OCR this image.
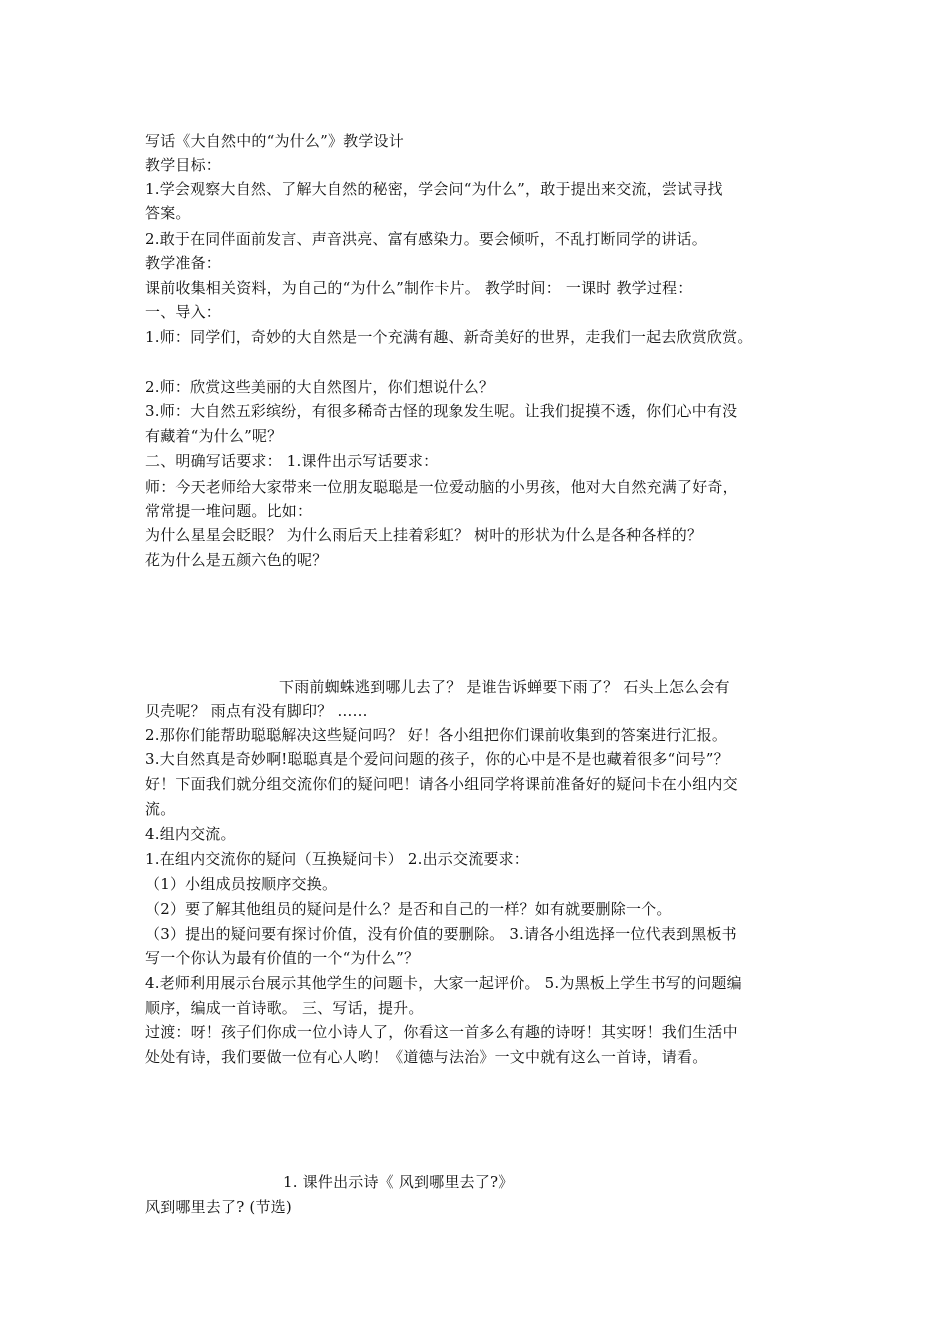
写话《大自然中的“为什么”》教学设计
教学目标：
1.学会观察大自然、了解大自然的秘密，学会问“为什么”，敢于提出来交流，尝试寻找
答案。
2.敢于在同伴面前发言、声音洪亮、富有感染力。要会倾听，不乱打断同学的讲话。
教学准备：
课前收集相关资料，为自己的“为什么”制作卡片。 教学时间： 一课时 教学过程：
一、导入：
1.师：同学们，奇妙的大自然是一个充满有趣、新奇美好的世界，走我们一起去欣赏欣赏。
2.师：欣赏这些美丽的大自然图片，你们想说什么？
3.师：大自然五彩缤纷，有很多稀奇古怪的现象发生呢。让我们捉摸不透，你们心中有没
有藏着“为什么”呢？
二、明确写话要求： 1.课件出示写话要求：
师：今天老师给大家带来一位朋友聪聪是一位爱动脑的小男孩，他对大自然充满了好奇，
常常提一堆问题。比如：
为什么星星会眨眼？ 为什么雨后天上挂着彩虹？ 树叶的形状为什么是各种各样的？
花为什么是五颜六色的呢？
下雨前蜘蛛逃到哪儿去了？ 是谁告诉蝉要下雨了？ 石头上怎么会有
贝壳呢？ 雨点有没有脚印？ ……
2.那你们能帮助聪聪解决这些疑问吗？ 好！各小组把你们课前收集到的答案进行汇报。
3.大自然真是奇妙啊!聪聪真是个爱问问题的孩子，你的心中是不是也藏着很多“问号”？
好！下面我们就分组交流你们的疑问吧！请各小组同学将课前准备好的疑问卡在小组内交
流。
4.组内交流。
1.在组内交流你的疑问（互换疑问卡） 2.出示交流要求：
（1）小组成员按顺序交换。
（2）要了解其他组员的疑问是什么？是否和自己的一样？如有就要删除一个。
（3）提出的疑问要有探讨价值，没有价值的要删除。 3.请各小组选择一位代表到黑板书
写一个你认为最有价值的一个“为什么”？
4.老师利用展示台展示其他学生的问题卡，大家一起评价。 5.为黑板上学生书写的问题编
顺序，编成一首诗歌。 三、写话，提升。
过渡：呀！孩子们你成一位小诗人了，你看这一首多么有趣的诗呀！其实呀！我们生活中
处处有诗，我们要做一位有心人哟！《道德与法治》一文中就有这么一首诗，请看。
1. 课件出示诗《 风到哪里去了?》
风到哪里去了? (节选)
